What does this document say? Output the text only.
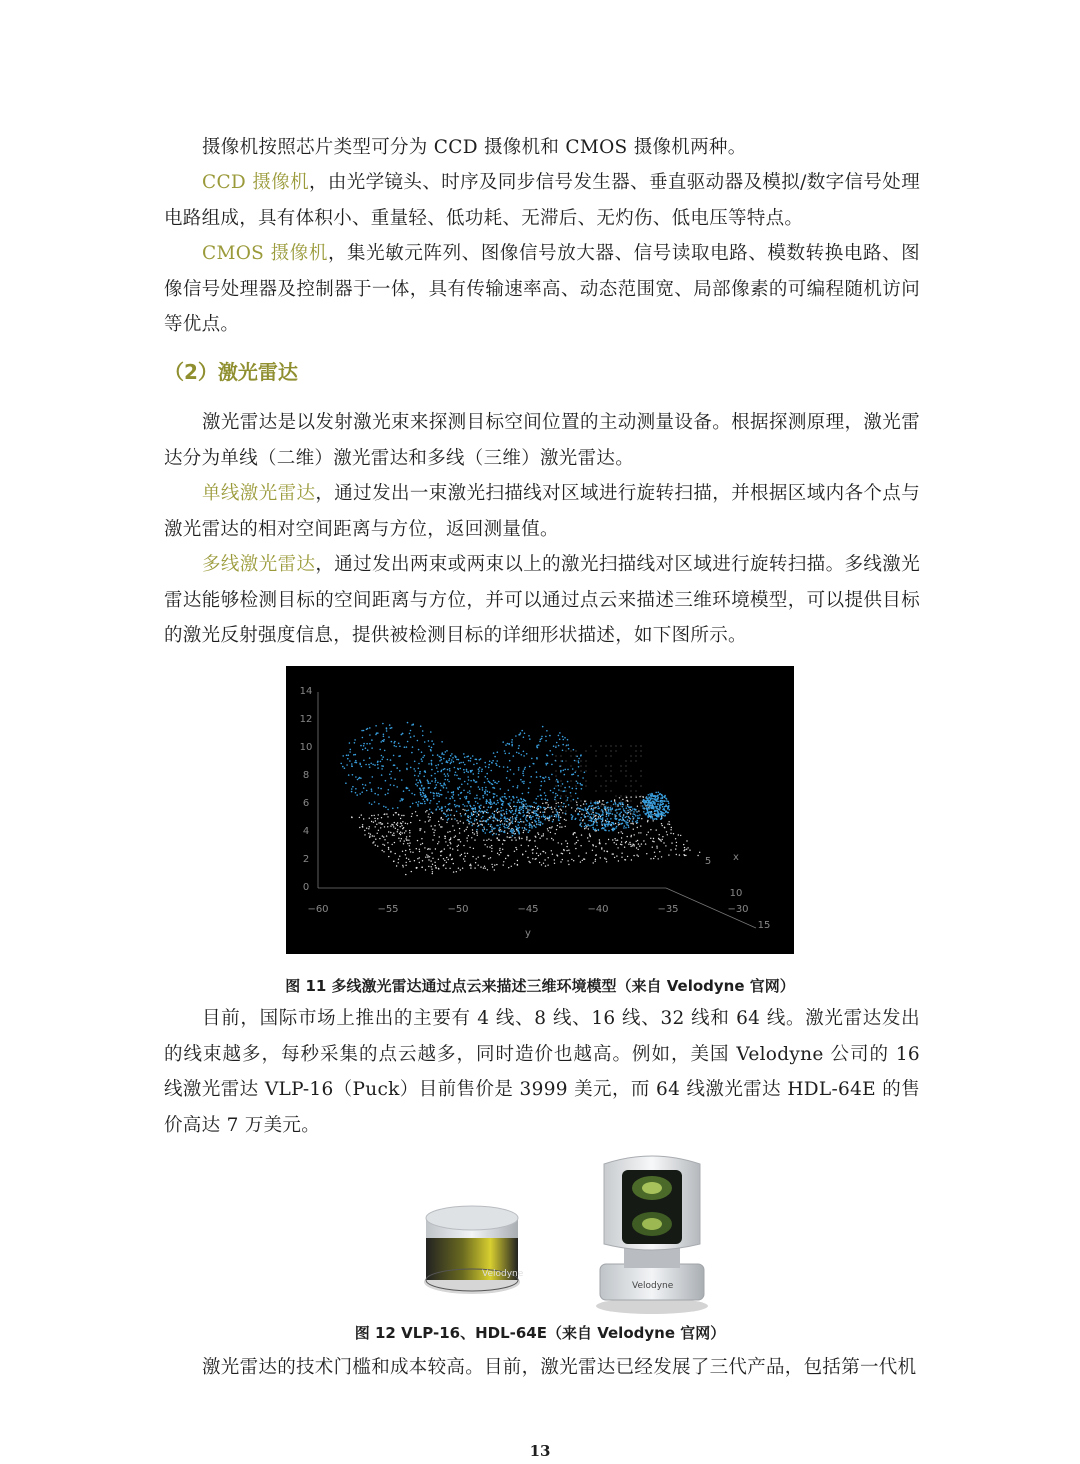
摄像机按照芯片类型可分为 CCD 摄像机和 CMOS 摄像机两种。

CCD 摄像机，由光学镜头、时序及同步信号发生器、垂直驱动器及模拟/数字信号处理电路组成，具有体积小、重量轻、低功耗、无滞后、无灼伤、低电压等特点。

CMOS 摄像机，集光敏元阵列、图像信号放大器、信号读取电路、模数转换电路、图像信号处理器及控制器于一体，具有传输速率高、动态范围宽、局部像素的可编程随机访问等优点。

（2）激光雷达

激光雷达是以发射激光束来探测目标空间位置的主动测量设备。根据探测原理，激光雷达分为单线（二维）激光雷达和多线（三维）激光雷达。

单线激光雷达，通过发出一束激光扫描线对区域进行旋转扫描，并根据区域内各个点与激光雷达的相对空间距离与方位，返回测量值。

多线激光雷达，通过发出两束或两束以上的激光扫描线对区域进行旋转扫描。多线激光雷达能够检测目标的空间距离与方位，并可以通过点云来描述三维环境模型，可以提供目标的激光反射强度信息，提供被检测目标的详细形状描述，如下图所示。

14
12
10
8
6
4
2
0
−60	−55	−50	−45	−40	−35	−30
5
10
15
y
x

图 11 多线激光雷达通过点云来描述三维环境模型（来自 Velodyne 官网）

目前，国际市场上推出的主要有 4 线、8 线、16 线、32 线和 64 线。激光雷达发出的线束越多，每秒采集的点云越多，同时造价也越高。例如，美国 Velodyne 公司的 16 线激光雷达 VLP-16（Puck）目前售价是 3999 美元，而 64 线激光雷达 HDL-64E 的售价高达 7 万美元。

Velodyne
Velodyne

图 12 VLP-16、HDL-64E（来自 Velodyne 官网）

激光雷达的技术门槛和成本较高。目前，激光雷达已经发展了三代产品，包括第一代机

13
